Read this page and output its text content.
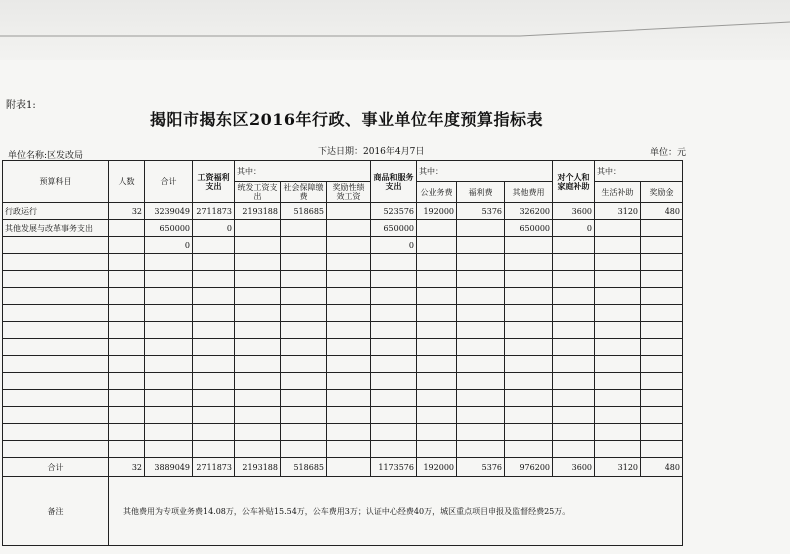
附表1:
揭阳市揭东区2016年行政、事业单位年度预算指标表
单位名称:区发改局	下达日期：2016年4月7日	单位：元
预算科目	人数	合计	工资福利支出	其中：			商品和服务支出	其中：			对个人和家庭补助	其中：	
				统发工资支出	社会保障缴费	奖励性绩效工资		公业务费	福利费	其他费用		生活补助	奖励金
行政运行	32	3239049	2711873	2193188	518685		523576	192000	5376	326200	3600	3120	480
其他发展与改革事务支出		650000	0				650000			650000	0		
		0					0						

合计	32	3889049	2711873	2193188	518685		1173576	192000	5376	976200	3600	3120	480
备注	其他费用为专项业务费14.08万，公车补贴15.54万，公车费用3万；认证中心经费40万，城区重点项目申报及监督经费25万。												
